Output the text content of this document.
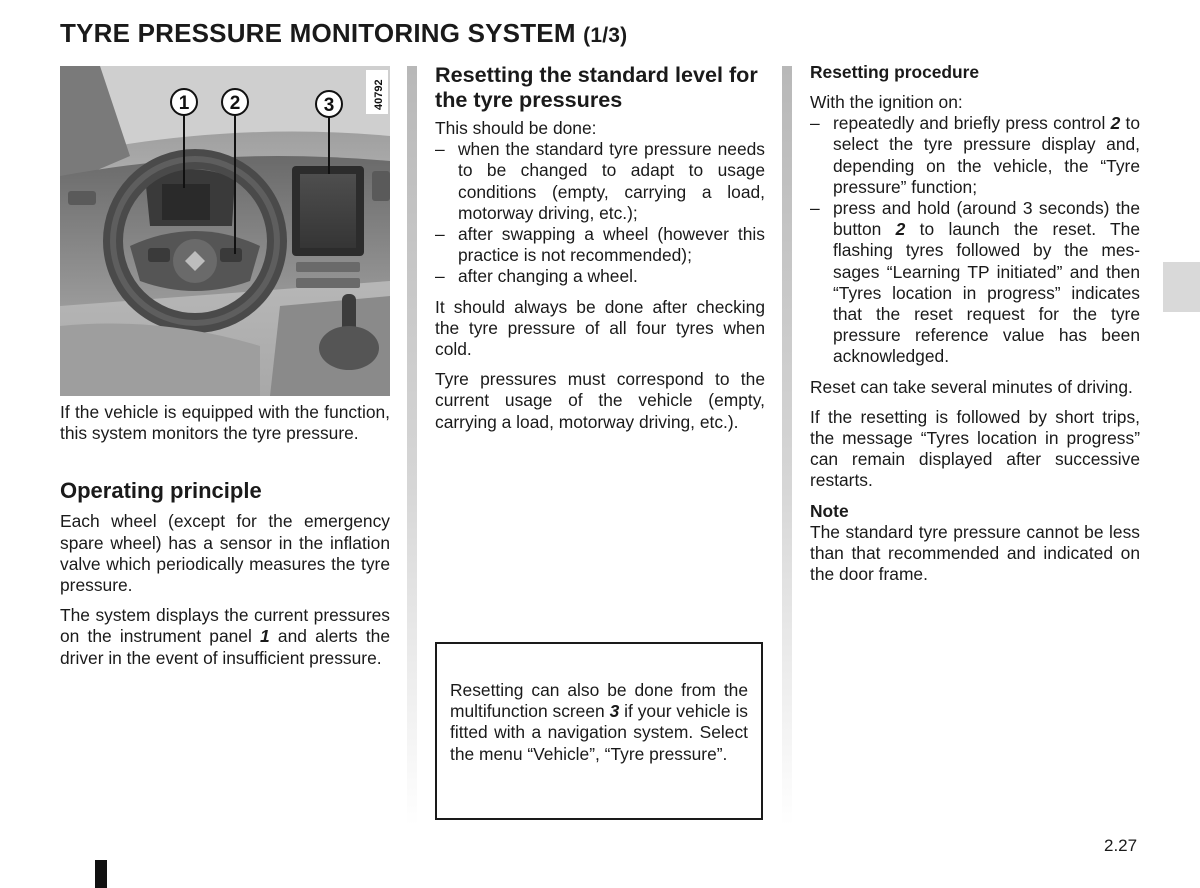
TYRE PRESSURE MONITORING SYSTEM (1/3)
1 2	3	40792

If the vehicle is equipped with the function, this system monitors the tyre pressure.

Operating principle

Each wheel (except for the emergency spare wheel) has a sensor in the inflation valve which periodically measures the tyre pressure.

The system displays the current pressures on the instrument panel 1 and alerts the driver in the event of insufficient pressure.

Resetting the standard level for the tyre pressures

This should be done:

– when the standard tyre pressure needs to be changed to adapt to usage conditions (empty, carrying a load, motorway driving, etc.);
– after swapping a wheel (however this practice is not recommended);
– after changing a wheel.

It should always be done after checking the tyre pressure of all four tyres when cold.

Tyre pressures must correspond to the current usage of the vehicle (empty, carrying a load, motorway driving, etc.).

Resetting can also be done from the multifunction screen 3 if your vehicle is fitted with a navigation system. Select the menu “Vehicle”, “Tyre pressure”.
Resetting procedure

With the ignition on:

– repeatedly and briefly press control 2 to select the tyre pressure display and, depending on the vehicle, the “Tyre pressure” function;
– press and hold (around 3 seconds) the button 2 to launch the reset. The flashing tyres followed by the messages “Learning TP initiated” and then “Tyres location in progress” indicates that the reset request for the tyre pressure reference value has been acknowledged.

Reset can take several minutes of driving.

If the resetting is followed by short trips, the message “Tyres location in progress” can remain displayed after successive restarts.

Note

The standard tyre pressure cannot be less than that recommended and indicated on the door frame.

2.27
